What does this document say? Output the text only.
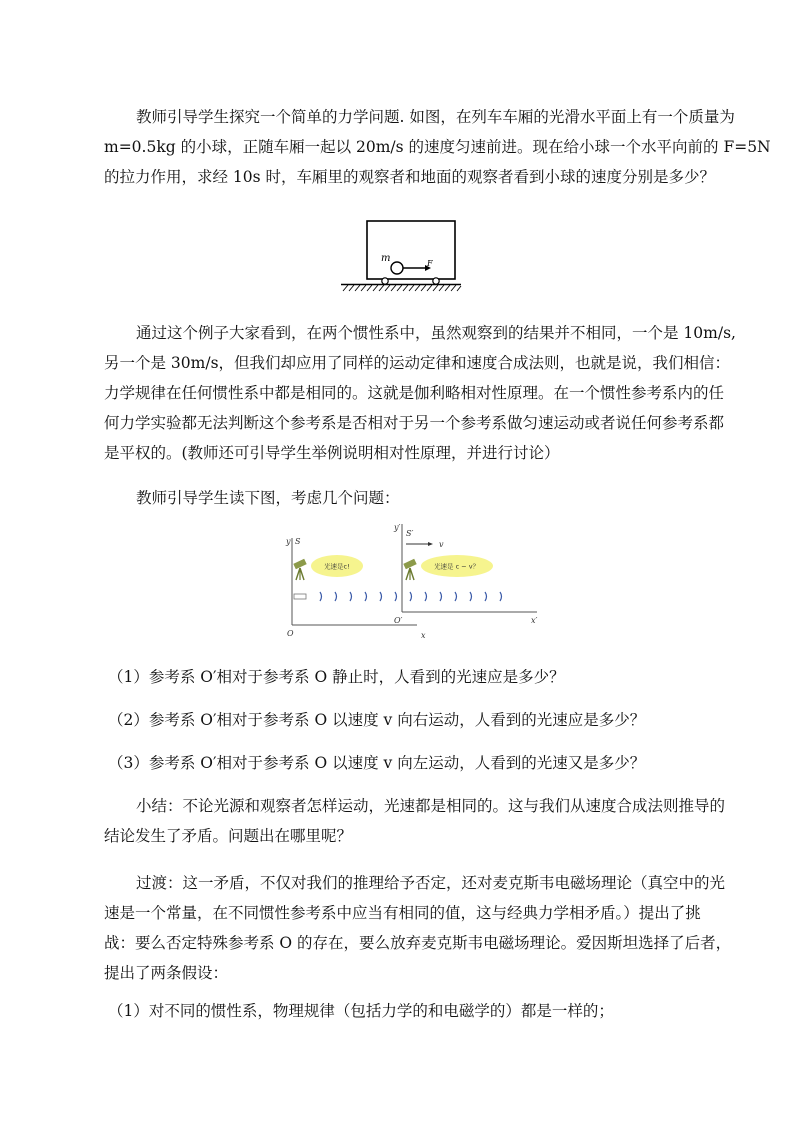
教师引导学生探究一个简单的力学问题. 如图，在列车车厢的光滑水平面上有一个质量为
m=0.5kg 的小球，正随车厢一起以 20m/s 的速度匀速前进。现在给小球一个水平向前的 F=5N
的拉力作用，求经 10s 时，车厢里的观察者和地面的观察者看到小球的速度分别是多少？
m	F
通过这个例子大家看到，在两个惯性系中，虽然观察到的结果并不相同，一个是 10m/s,
另一个是 30m/s，但我们却应用了同样的运动定律和速度合成法则，也就是说，我们相信：
力学规律在任何惯性系中都是相同的。这就是伽利略相对性原理。在一个惯性参考系内的任
何力学实验都无法判断这个参考系是否相对于另一个参考系做匀速运动或者说任何参考系都
是平权的。(教师还可引导学生举例说明相对性原理，并进行讨论）
教师引导学生读下图，考虑几个问题：
y S
O	x
y′
S′
v
O′	x′
光速是c!	光速是 c − v？
（1）参考系 O′相对于参考系 O 静止时，人看到的光速应是多少？
（2）参考系 O′相对于参考系 O 以速度 v 向右运动，人看到的光速应是多少？
（3）参考系 O′相对于参考系 O 以速度 v 向左运动，人看到的光速又是多少？
小结：不论光源和观察者怎样运动，光速都是相同的。这与我们从速度合成法则推导的
结论发生了矛盾。问题出在哪里呢？
过渡：这一矛盾，不仅对我们的推理给予否定，还对麦克斯韦电磁场理论（真空中的光
速是一个常量，在不同惯性参考系中应当有相同的值，这与经典力学相矛盾。）提出了挑
战：要么否定特殊参考系 O 的存在，要么放弃麦克斯韦电磁场理论。爱因斯坦选择了后者，
提出了两条假设：
（1）对不同的惯性系，物理规律（包括力学的和电磁学的）都是一样的；
